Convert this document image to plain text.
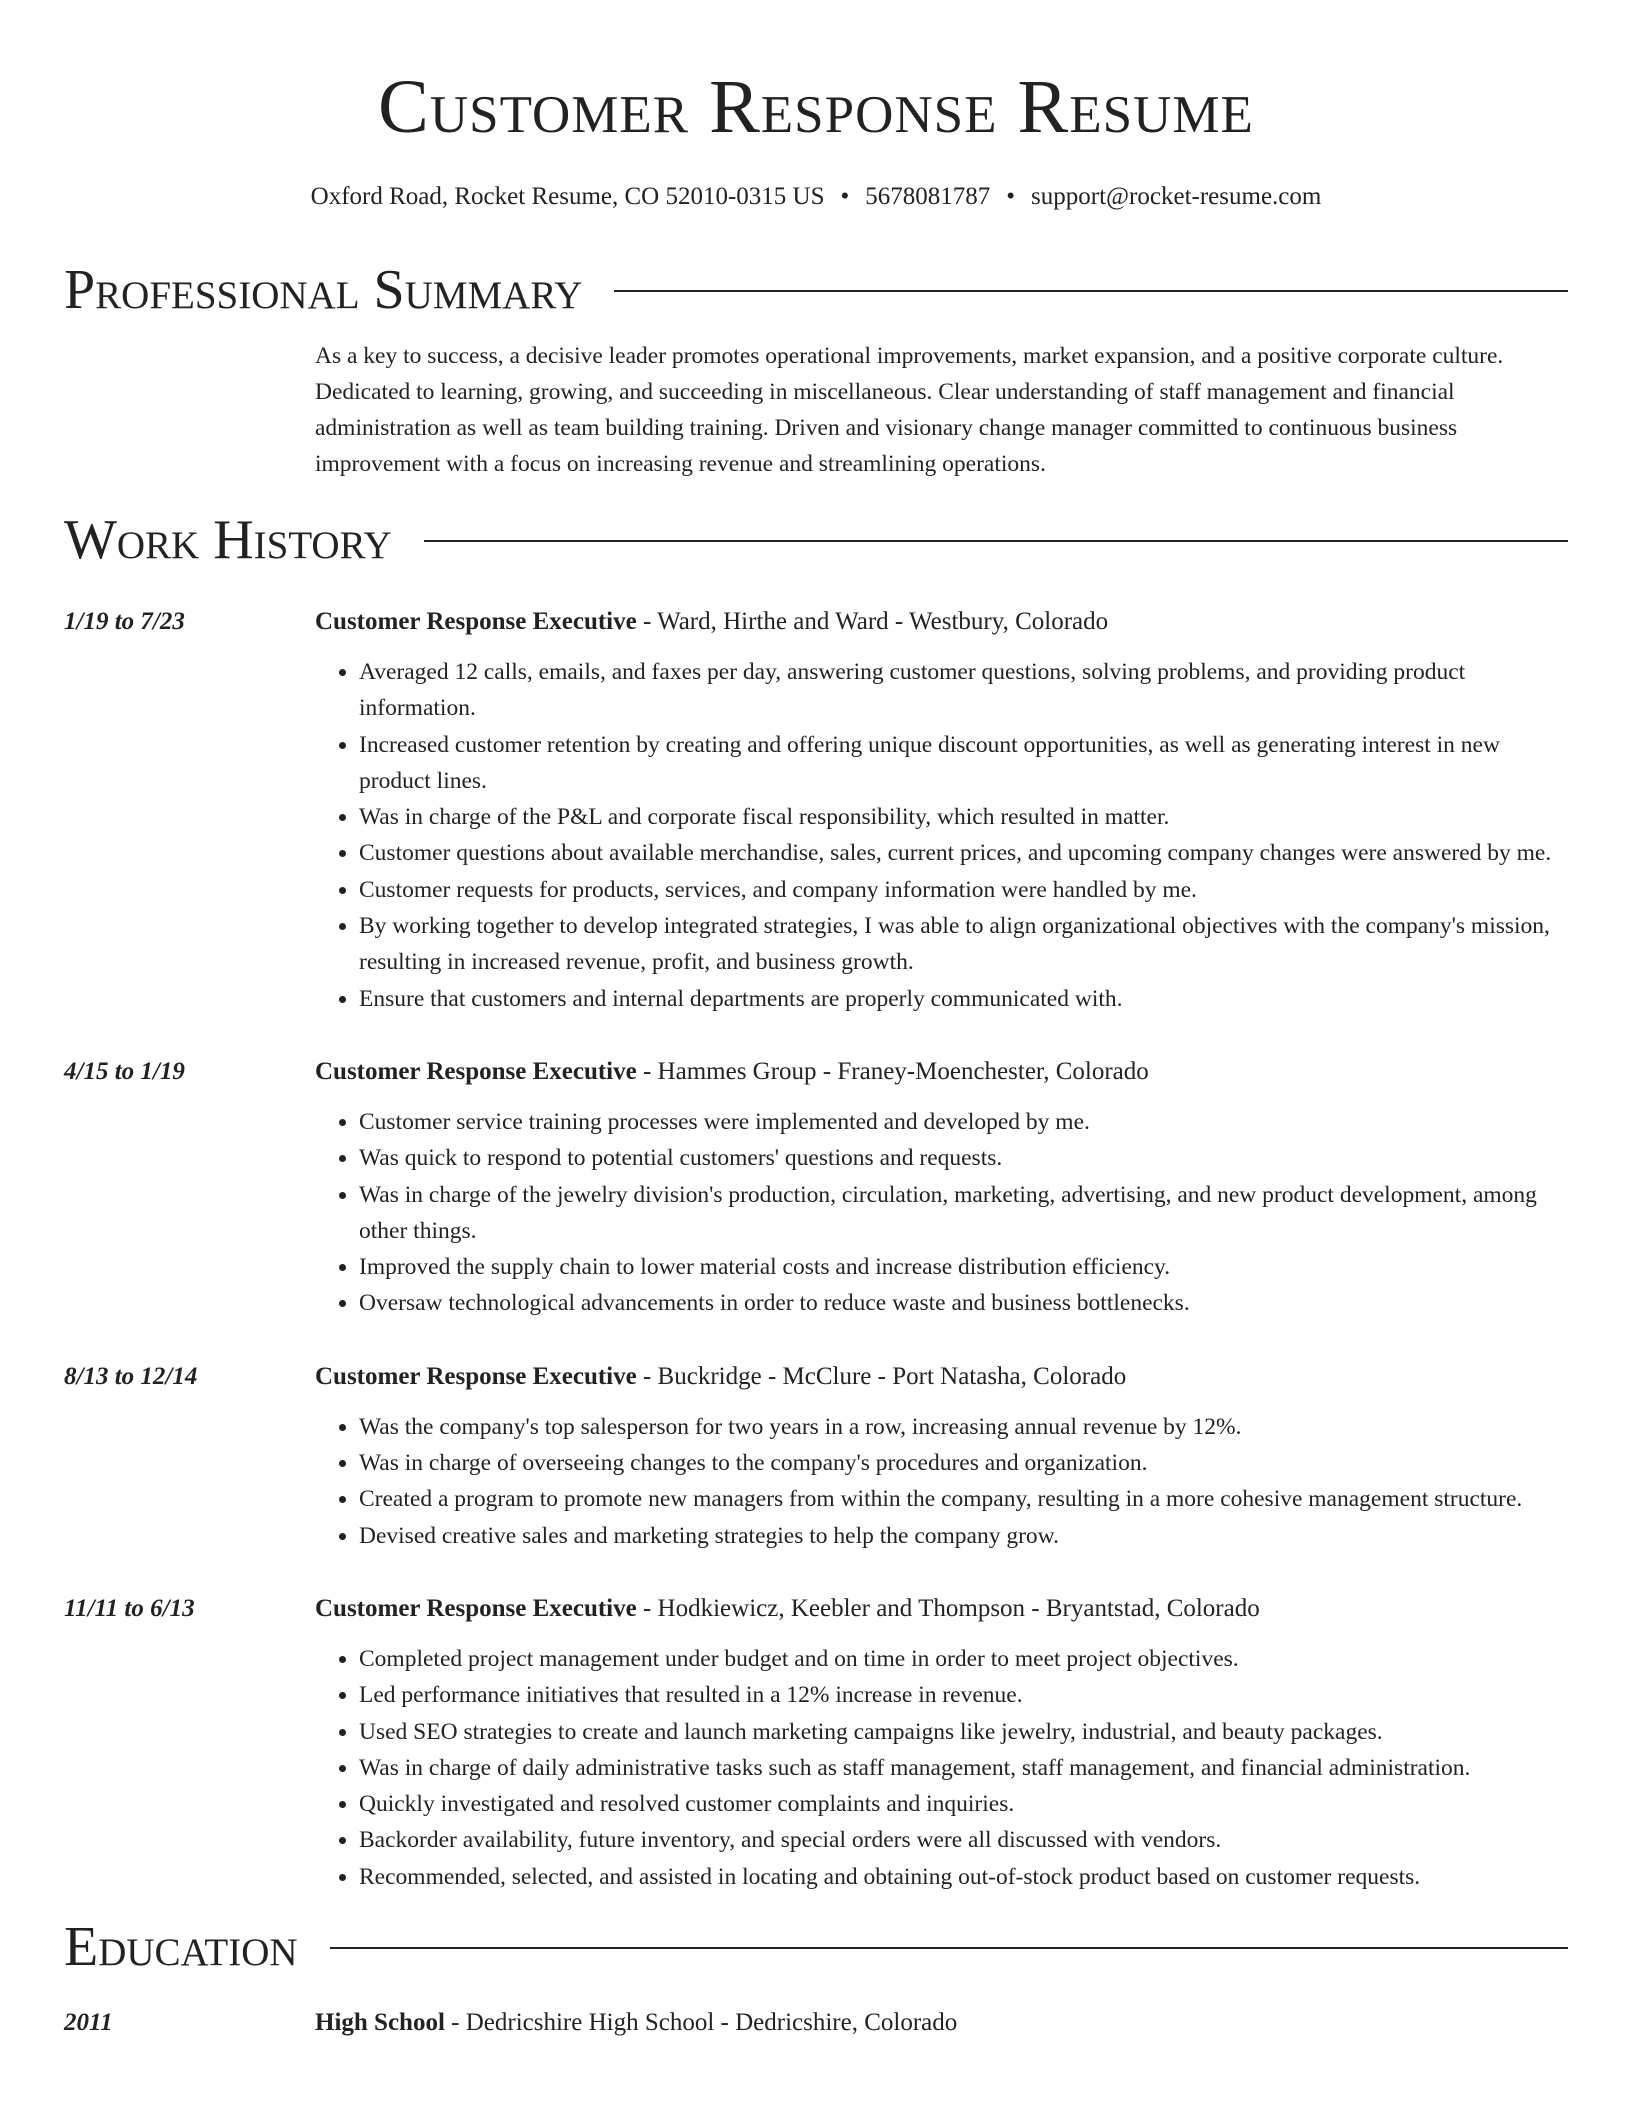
Customer Response Resume
Oxford Road, Rocket Resume, CO 52010-0315 US • 5678081787 • support@rocket-resume.com
Professional Summary
As a key to success, a decisive leader promotes operational improvements, market expansion, and a positive corporate culture. Dedicated to learning, growing, and succeeding in miscellaneous. Clear understanding of staff management and financial administration as well as team building training. Driven and visionary change manager committed to continuous business improvement with a focus on increasing revenue and streamlining operations.
Work History
1/19 to 7/23	Customer Response Executive - Ward, Hirthe and Ward - Westbury, Colorado
• Averaged 12 calls, emails, and faxes per day, answering customer questions, solving problems, and providing product information.
• Increased customer retention by creating and offering unique discount opportunities, as well as generating interest in new product lines.
• Was in charge of the P&L and corporate fiscal responsibility, which resulted in matter.
• Customer questions about available merchandise, sales, current prices, and upcoming company changes were answered by me.
• Customer requests for products, services, and company information were handled by me.
• By working together to develop integrated strategies, I was able to align organizational objectives with the company's mission, resulting in increased revenue, profit, and business growth.
• Ensure that customers and internal departments are properly communicated with.
4/15 to 1/19	Customer Response Executive - Hammes Group - Franey-Moenchester, Colorado
• Customer service training processes were implemented and developed by me.
• Was quick to respond to potential customers' questions and requests.
• Was in charge of the jewelry division's production, circulation, marketing, advertising, and new product development, among other things.
• Improved the supply chain to lower material costs and increase distribution efficiency.
• Oversaw technological advancements in order to reduce waste and business bottlenecks.
8/13 to 12/14	Customer Response Executive - Buckridge - McClure - Port Natasha, Colorado
• Was the company's top salesperson for two years in a row, increasing annual revenue by 12%.
• Was in charge of overseeing changes to the company's procedures and organization.
• Created a program to promote new managers from within the company, resulting in a more cohesive management structure.
• Devised creative sales and marketing strategies to help the company grow.
11/11 to 6/13	Customer Response Executive - Hodkiewicz, Keebler and Thompson - Bryantstad, Colorado
• Completed project management under budget and on time in order to meet project objectives.
• Led performance initiatives that resulted in a 12% increase in revenue.
• Used SEO strategies to create and launch marketing campaigns like jewelry, industrial, and beauty packages.
• Was in charge of daily administrative tasks such as staff management, staff management, and financial administration.
• Quickly investigated and resolved customer complaints and inquiries.
• Backorder availability, future inventory, and special orders were all discussed with vendors.
• Recommended, selected, and assisted in locating and obtaining out-of-stock product based on customer requests.
Education
2011	High School - Dedricshire High School - Dedricshire, Colorado
